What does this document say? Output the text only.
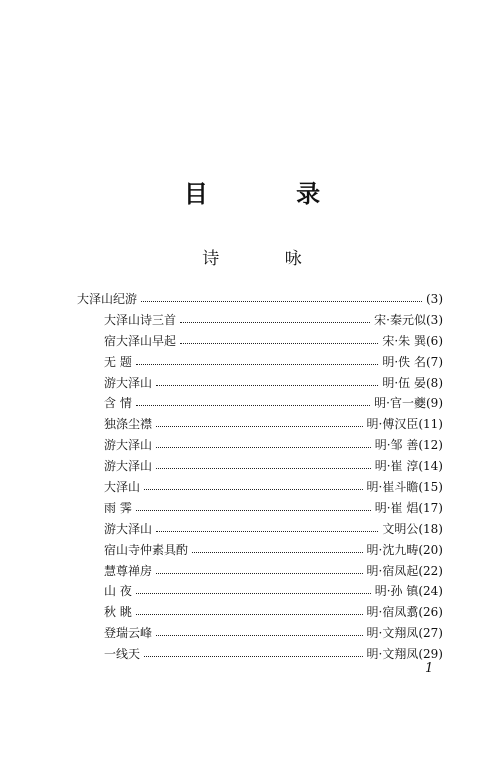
目 录
诗 咏
大泽山纪游	(3)
大泽山诗三首	宋·秦元似 (3)
宿大泽山早起	宋·朱 巽 (6)
无 题	明·佚 名 (7)
游大泽山	明·伍 晏 (8)
含 情	明·官一夔 (9)
独涤尘襟	明·傅汉臣 (11)
游大泽山	明·邹 善 (12)
游大泽山	明·崔 淳 (14)
大泽山	明·崔斗瞻 (15)
雨 霁	明·崔 焻 (17)
游大泽山	文明公 (18)
宿山寺仲素具酌	明·沈九畴 (20)
慧尊禅房	明·宿凤起 (22)
山 夜	明·孙 镇 (24)
秋 眺	明·宿凤翥 (26)
登瑞云峰	明·文翔凤 (27)
一线天	明·文翔凤 (29)
1
